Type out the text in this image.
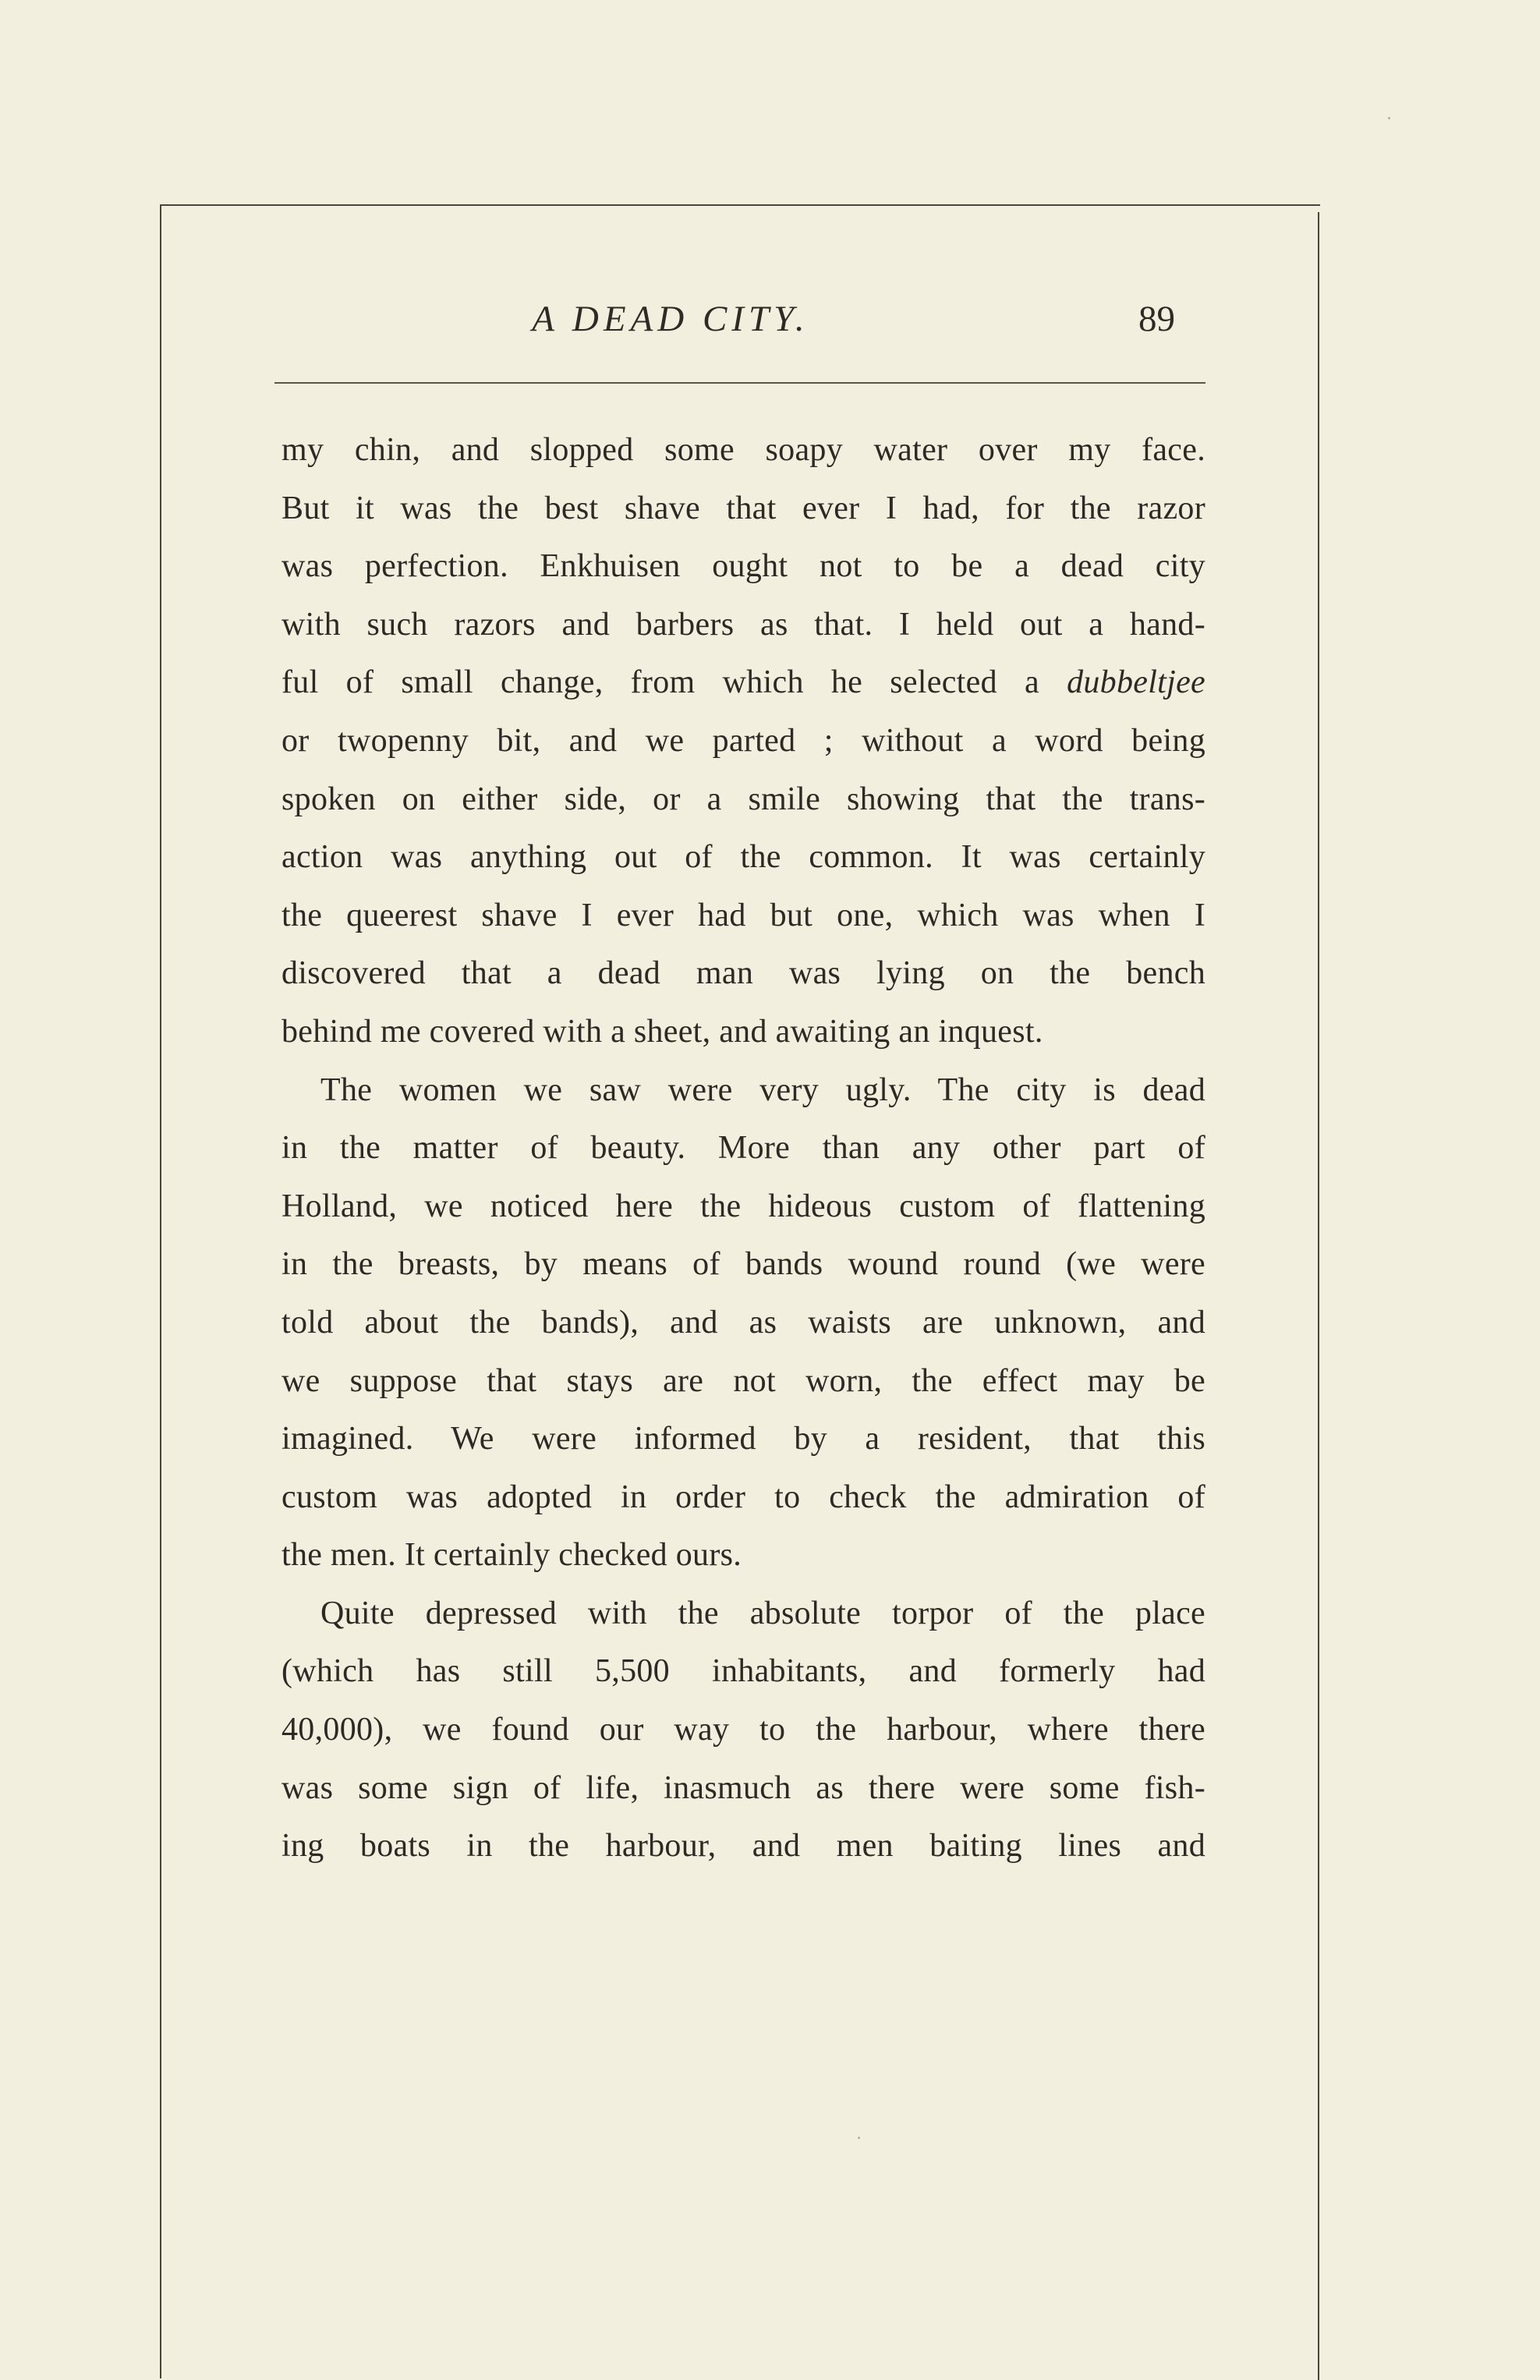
A DEAD CITY.	89
my chin, and slopped some soapy water over my face.
But it was the best shave that ever I had, for the razor
was perfection. Enkhuisen ought not to be a dead city
with such razors and barbers as that. I held out a hand-
ful of small change, from which he selected a dubbeltjee
or twopenny bit, and we parted ; without a word being
spoken on either side, or a smile showing that the trans-
action was anything out of the common. It was certainly
the queerest shave I ever had but one, which was when I
discovered that a dead man was lying on the bench
behind me covered with a sheet, and awaiting an inquest.
The women we saw were very ugly. The city is dead
in the matter of beauty. More than any other part of
Holland, we noticed here the hideous custom of flattening
in the breasts, by means of bands wound round (we were
told about the bands), and as waists are unknown, and
we suppose that stays are not worn, the effect may be
imagined. We were informed by a resident, that this
custom was adopted in order to check the admiration of
the men. It certainly checked ours.
Quite depressed with the absolute torpor of the place
(which has still 5,500 inhabitants, and formerly had
40,000), we found our way to the harbour, where there
was some sign of life, inasmuch as there were some fish-
ing boats in the harbour, and men baiting lines and
